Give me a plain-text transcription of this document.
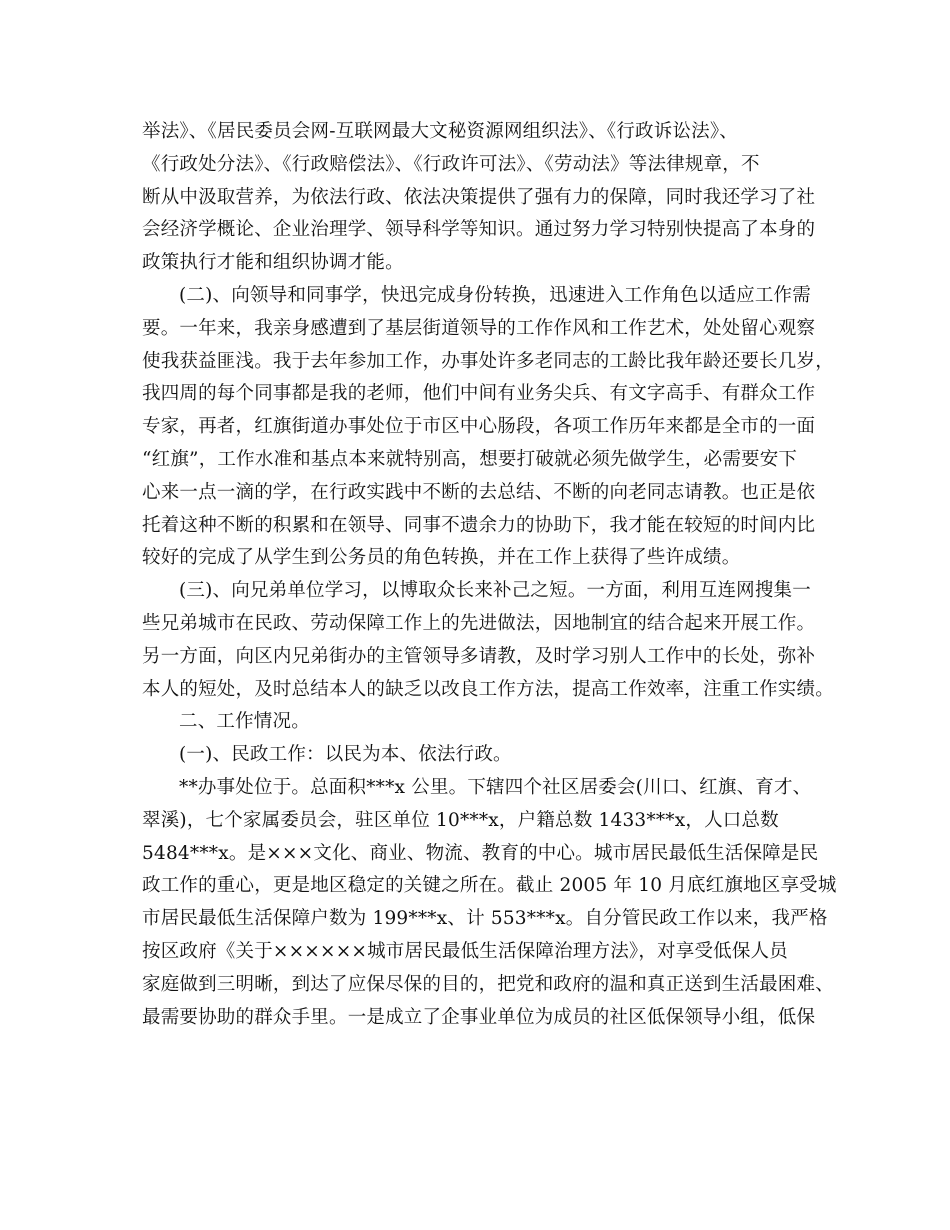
举法》、《居民委员会网-互联网最大文秘资源网组织法》、《行政诉讼法》、
《行政处分法》、《行政赔偿法》、《行政许可法》、《劳动法》等法律规章，不
断从中汲取营养，为依法行政、依法决策提供了强有力的保障，同时我还学习了社
会经济学概论、企业治理学、领导科学等知识。通过努力学习特别快提高了本身的
政策执行才能和组织协调才能。
(二)、向领导和同事学，快迅完成身份转换，迅速进入工作角色以适应工作需
要。一年来，我亲身感遭到了基层街道领导的工作作风和工作艺术，处处留心观察
使我获益匪浅。我于去年参加工作，办事处许多老同志的工龄比我年龄还要长几岁，
我四周的每个同事都是我的老师，他们中间有业务尖兵、有文字高手、有群众工作
专家，再者，红旗街道办事处位于市区中心肠段，各项工作历年来都是全市的一面
“红旗”，工作水准和基点本来就特别高，想要打破就必须先做学生，必需要安下
心来一点一滴的学，在行政实践中不断的去总结、不断的向老同志请教。也正是依
托着这种不断的积累和在领导、同事不遗余力的协助下，我才能在较短的时间内比
较好的完成了从学生到公务员的角色转换，并在工作上获得了些许成绩。
(三)、向兄弟单位学习，以博取众长来补己之短。一方面，利用互连网搜集一
些兄弟城市在民政、劳动保障工作上的先进做法，因地制宜的结合起来开展工作。
另一方面，向区内兄弟街办的主管领导多请教，及时学习别人工作中的长处，弥补
本人的短处，及时总结本人的缺乏以改良工作方法，提高工作效率，注重工作实绩。
二、工作情况。
(一)、民政工作：以民为本、依法行政。
**办事处位于。总面积***x 公里。下辖四个社区居委会(川口、红旗、育才、
翠溪)，七个家属委员会，驻区单位 10***x，户籍总数 1433***x，人口总数
5484***x。是×××文化、商业、物流、教育的中心。城市居民最低生活保障是民
政工作的重心，更是地区稳定的关键之所在。截止 2005 年 10 月底红旗地区享受城
市居民最低生活保障户数为 199***x、计 553***x。自分管民政工作以来，我严格
按区政府《关于××××××城市居民最低生活保障治理方法》，对享受低保人员
家庭做到三明晰，到达了应保尽保的目的，把党和政府的温和真正送到生活最困难、
最需要协助的群众手里。一是成立了企事业单位为成员的社区低保领导小组，低保
